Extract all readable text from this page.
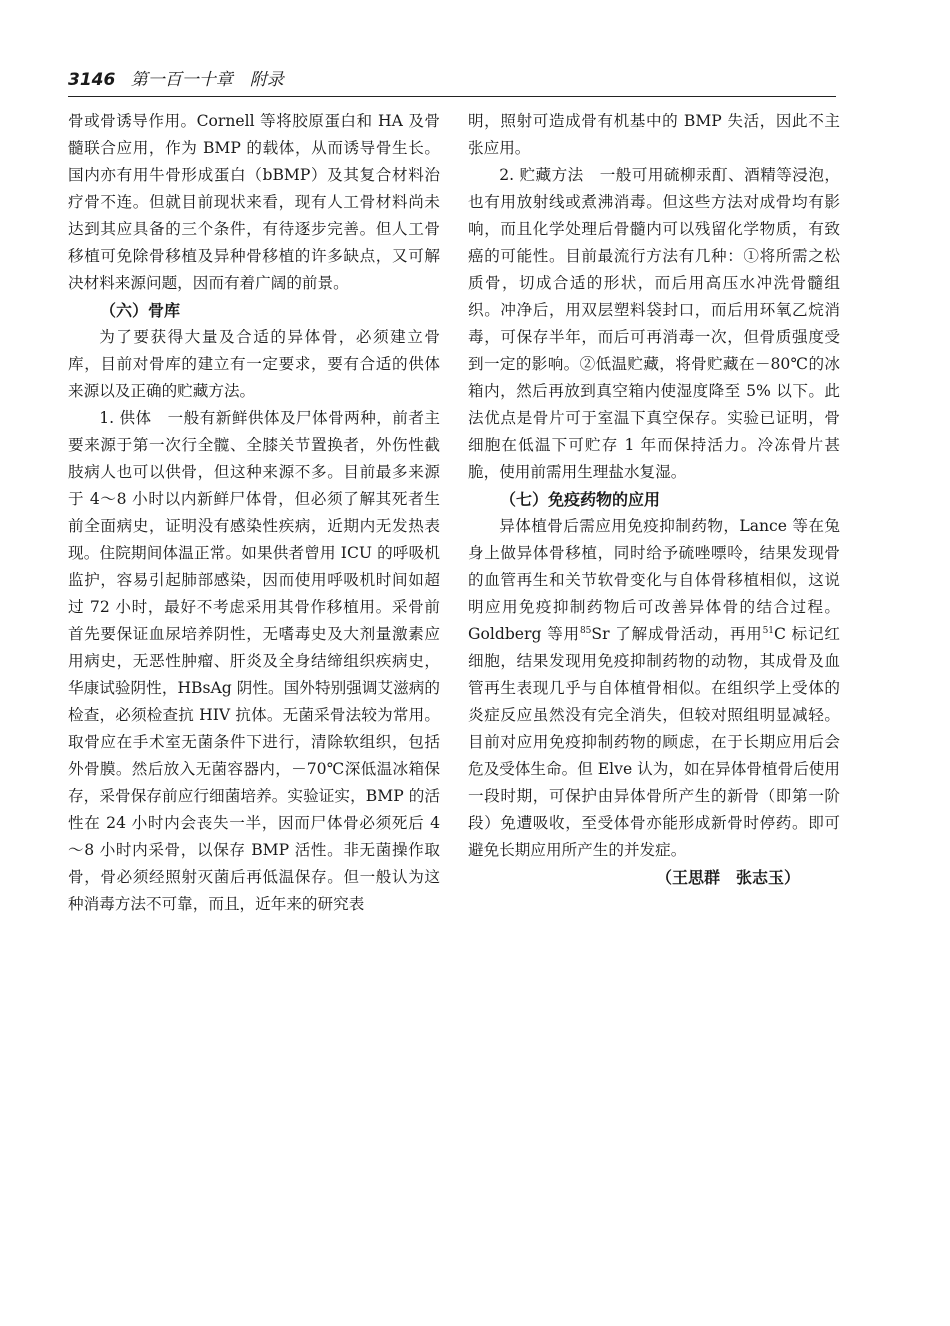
3146 第一百一十章　附录

骨或骨诱导作用。Cornell 等将胶原蛋白和 HA 及骨髓联合应用，作为 BMP 的载体，从而诱导骨生长。国内亦有用牛骨形成蛋白（bBMP）及其复合材料治疗骨不连。但就目前现状来看，现有人工骨材料尚未达到其应具备的三个条件，有待逐步完善。但人工骨移植可免除骨移植及异种骨移植的许多缺点，又可解决材料来源问题，因而有着广阔的前景。

（六）骨库

为了要获得大量及合适的异体骨，必须建立骨库，目前对骨库的建立有一定要求，要有合适的供体来源以及正确的贮藏方法。

1. 供体　一般有新鲜供体及尸体骨两种，前者主要来源于第一次行全髋、全膝关节置换者，外伤性截肢病人也可以供骨，但这种来源不多。目前最多来源于 4～8 小时以内新鲜尸体骨，但必须了解其死者生前全面病史，证明没有感染性疾病，近期内无发热表现。住院期间体温正常。如果供者曾用 ICU 的呼吸机监护，容易引起肺部感染，因而使用呼吸机时间如超过 72 小时，最好不考虑采用其骨作移植用。采骨前首先要保证血尿培养阴性，无嗜毒史及大剂量激素应用病史，无恶性肿瘤、肝炎及全身结缔组织疾病史，华康试验阴性，HBsAg 阴性。国外特别强调艾滋病的检查，必须检查抗 HIV 抗体。无菌采骨法较为常用。取骨应在手术室无菌条件下进行，清除软组织，包括外骨膜。然后放入无菌容器内，－70℃深低温冰箱保存，采骨保存前应行细菌培养。实验证实，BMP 的活性在 24 小时内会丧失一半，因而尸体骨必须死后 4～8 小时内采骨，以保存 BMP 活性。非无菌操作取骨，骨必须经照射灭菌后再低温保存。但一般认为这种消毒方法不可靠，而且，近年来的研究表

明，照射可造成骨有机基中的 BMP 失活，因此不主张应用。

2. 贮藏方法　一般可用硫柳汞酊、酒精等浸泡，也有用放射线或煮沸消毒。但这些方法对成骨均有影响，而且化学处理后骨髓内可以残留化学物质，有致癌的可能性。目前最流行方法有几种：①将所需之松质骨，切成合适的形状，而后用高压水冲洗骨髓组织。冲净后，用双层塑料袋封口，而后用环氧乙烷消毒，可保存半年，而后可再消毒一次，但骨质强度受到一定的影响。②低温贮藏，将骨贮藏在－80℃的冰箱内，然后再放到真空箱内使湿度降至 5% 以下。此法优点是骨片可于室温下真空保存。实验已证明，骨细胞在低温下可贮存 1 年而保持活力。冷冻骨片甚脆，使用前需用生理盐水复湿。

（七）免疫药物的应用

异体植骨后需应用免疫抑制药物，Lance 等在兔身上做异体骨移植，同时给予硫唑嘌呤，结果发现骨的血管再生和关节软骨变化与自体骨移植相似，这说明应用免疫抑制药物后可改善异体骨的结合过程。Goldberg 等用$^{85}$Sr 了解成骨活动，再用$^{51}$C 标记红细胞，结果发现用免疫抑制药物的动物，其成骨及血管再生表现几乎与自体植骨相似。在组织学上受体的炎症反应虽然没有完全消失，但较对照组明显减轻。目前对应用免疫抑制药物的顾虑，在于长期应用后会危及受体生命。但 Elve 认为，如在异体骨植骨后使用一段时期，可保护由异体骨所产生的新骨（即第一阶段）免遭吸收，至受体骨亦能形成新骨时停药。即可避免长期应用所产生的并发症。

（王思群　张志玉）
